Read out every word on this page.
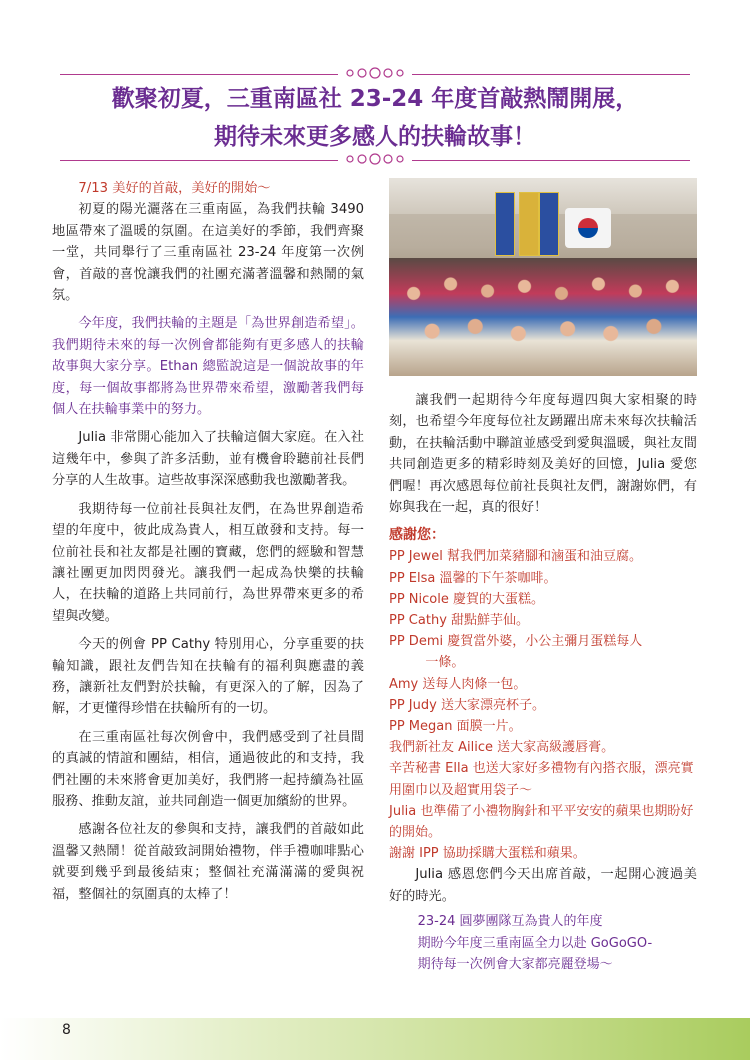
歡聚初夏，三重南區社 23-24 年度首敲熱鬧開展，
期待未來更多感人的扶輪故事！

7/13 美好的首敲，美好的開始～

初夏的陽光灑落在三重南區，為我們扶輪 3490 地區帶來了溫暖的氛圍。在這美好的季節，我們齊聚一堂，共同舉行了三重南區社 23-24 年度第一次例會，首敲的喜悅讓我們的社團充滿著溫馨和熱鬧的氣氛。

今年度，我們扶輪的主題是「為世界創造希望」。我們期待未來的每一次例會都能夠有更多感人的扶輪故事與大家分享。Ethan 總監說這是一個說故事的年度，每一個故事都將為世界帶來希望，激勵著我們每個人在扶輪事業中的努力。

Julia 非常開心能加入了扶輪這個大家庭。在入社這幾年中，參與了許多活動，並有機會聆聽前社長們分享的人生故事。這些故事深深感動我也激勵著我。

我期待每一位前社長與社友們，在為世界創造希望的年度中，彼此成為貴人，相互啟發和支持。每一位前社長和社友都是社團的寶藏，您們的經驗和智慧讓社團更加閃閃發光。讓我們一起成為快樂的扶輪人，在扶輪的道路上共同前行，為世界帶來更多的希望與改變。

今天的例會 PP Cathy 特別用心，分享重要的扶輪知識，跟社友們告知在扶輪有的福利與應盡的義務，讓新社友們對於扶輪，有更深入的了解，因為了解，才更懂得珍惜在扶輪所有的一切。

在三重南區社每次例會中，我們感受到了社員間的真誠的情誼和團結，相信，通過彼此的和支持，我們社團的未來將會更加美好，我們將一起持續為社區服務、推動友誼，並共同創造一個更加繽紛的世界。

感謝各位社友的參與和支持，讓我們的首敲如此溫馨又熱鬧！從首敲致詞開始禮物，伴手禮咖啡點心就要到幾乎到最後結束；整個社充滿滿滿的愛與祝福，整個社的氛圍真的太棒了！

讓我們一起期待今年度每週四與大家相聚的時刻，也希望今年度每位社友踴躍出席未來每次扶輪活動，在扶輪活動中聯誼並感受到愛與溫暖，與社友間共同創造更多的精彩時刻及美好的回憶，Julia 愛您們喔！再次感恩每位前社長與社友們，謝謝妳們，有妳與我在一起，真的很好！

感謝您：

PP Jewel 幫我們加菜豬腳和滷蛋和油豆腐。

PP Elsa 溫馨的下午茶咖啡。

PP Nicole 慶賀的大蛋糕。

PP Cathy 甜點鮮芋仙。

PP Demi 慶賀當外婆，小公主彌月蛋糕每人

一條。

Amy 送每人肉條一包。

PP Judy 送大家漂亮杯子。

PP Megan 面膜一片。

我們新社友 Ailice 送大家高級護唇膏。

辛苦秘書 Ella 也送大家好多禮物有內搭衣服，漂亮實用圍巾以及超實用袋子～

Julia 也準備了小禮物胸針和平平安安的蘋果也期盼好的開始。

謝謝 IPP 協助採購大蛋糕和蘋果。

Julia 感恩您們今天出席首敲，一起開心渡過美好的時光。

23-24 圓夢團隊互為貴人的年度

期盼今年度三重南區全力以赴 GoGoGO-

期待每一次例會大家都亮麗登場～

8
